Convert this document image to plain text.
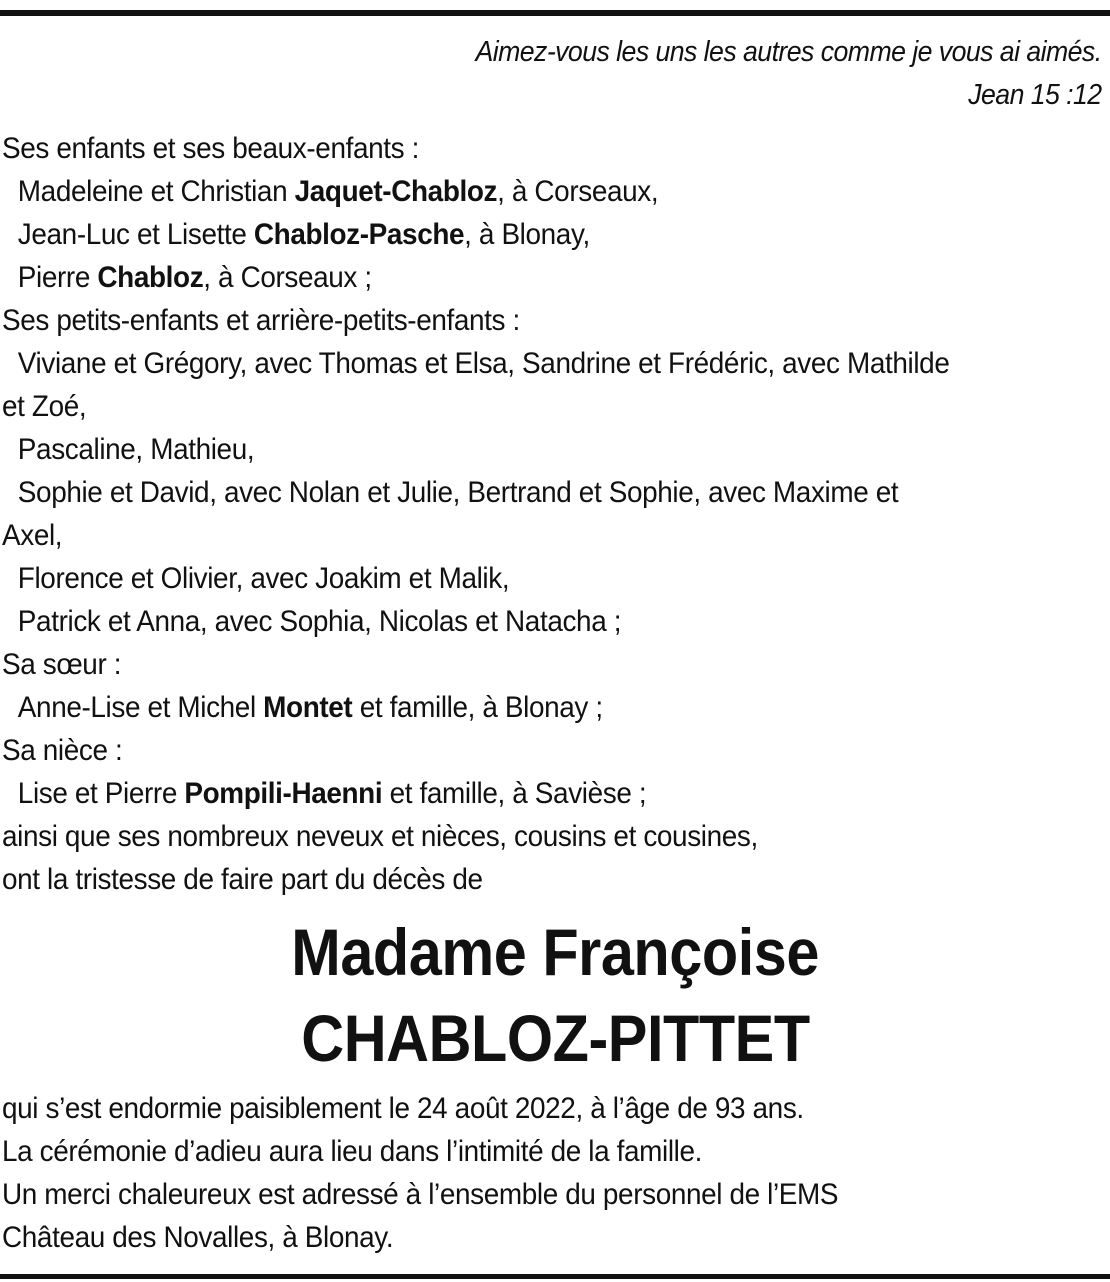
Aimez-vous les uns les autres comme je vous ai aimés.
Jean 15 :12
Ses enfants et ses beaux-enfants :
Madeleine et Christian Jaquet-Chabloz, à Corseaux,
Jean-Luc et Lisette Chabloz-Pasche, à Blonay,
Pierre Chabloz, à Corseaux ;
Ses petits-enfants et arrière-petits-enfants :
Viviane et Grégory, avec Thomas et Elsa, Sandrine et Frédéric, avec Mathilde
et Zoé,
Pascaline, Mathieu,
Sophie et David, avec Nolan et Julie, Bertrand et Sophie, avec Maxime et
Axel,
Florence et Olivier, avec Joakim et Malik,
Patrick et Anna, avec Sophia, Nicolas et Natacha ;
Sa sœur :
Anne-Lise et Michel Montet et famille, à Blonay ;
Sa nièce :
Lise et Pierre Pompili-Haenni et famille, à Savièse ;
ainsi que ses nombreux neveux et nièces, cousins et cousines,
ont la tristesse de faire part du décès de
Madame Françoise
CHABLOZ-PITTET
qui s’est endormie paisiblement le 24 août 2022, à l’âge de 93 ans.
La cérémonie d’adieu aura lieu dans l’intimité de la famille.
Un merci chaleureux est adressé à l’ensemble du personnel de l’EMS
Château des Novalles, à Blonay.
